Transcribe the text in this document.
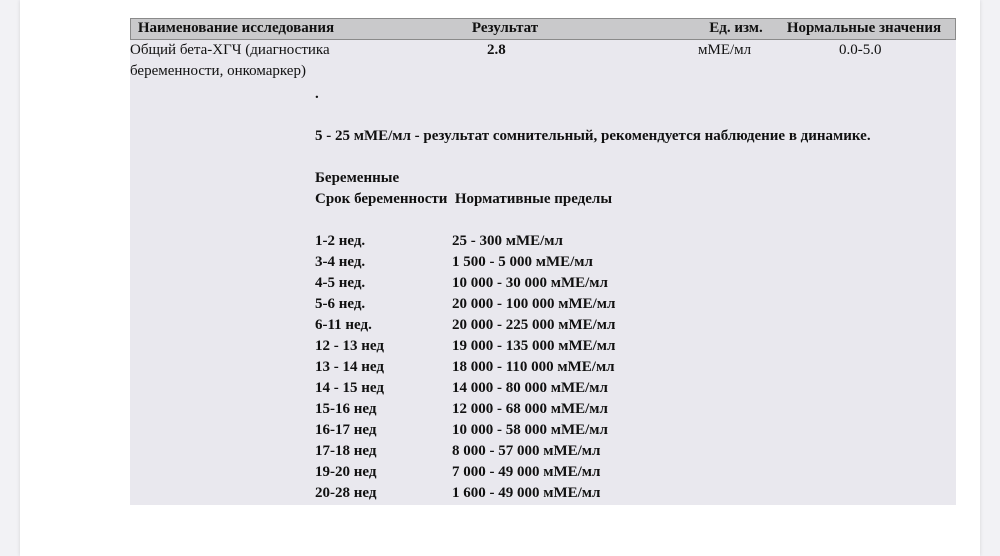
Наименование исследования	Результат	Ед. изм. Нормальные значения
Общий бета-ХГЧ (диагностика
беременности, онкомаркер)
2.8	мМЕ/мл	0.0-5.0
.
5 - 25 мМЕ/мл - результат сомнительный, рекомендуется наблюдение в динамике.
Беременные
Срок беременности  Нормативные пределы
1-2 нед.	25 - 300 мМЕ/мл
3-4 нед.	1 500 - 5 000 мМЕ/мл
4-5 нед.	10 000 - 30 000 мМЕ/мл
5-6 нед.	20 000 - 100 000 мМЕ/мл
6-11 нед.	20 000 - 225 000 мМЕ/мл
12 - 13 нед	19 000 - 135 000 мМЕ/мл
13 - 14 нед	18 000 - 110 000 мМЕ/мл
14 - 15 нед	14 000 - 80 000 мМЕ/мл
15-16 нед	12 000 - 68 000 мМЕ/мл
16-17 нед	10 000 - 58 000 мМЕ/мл
17-18 нед	8 000 - 57 000 мМЕ/мл
19-20 нед	7 000 - 49 000 мМЕ/мл
20-28 нед	1 600 - 49 000 мМЕ/мл
